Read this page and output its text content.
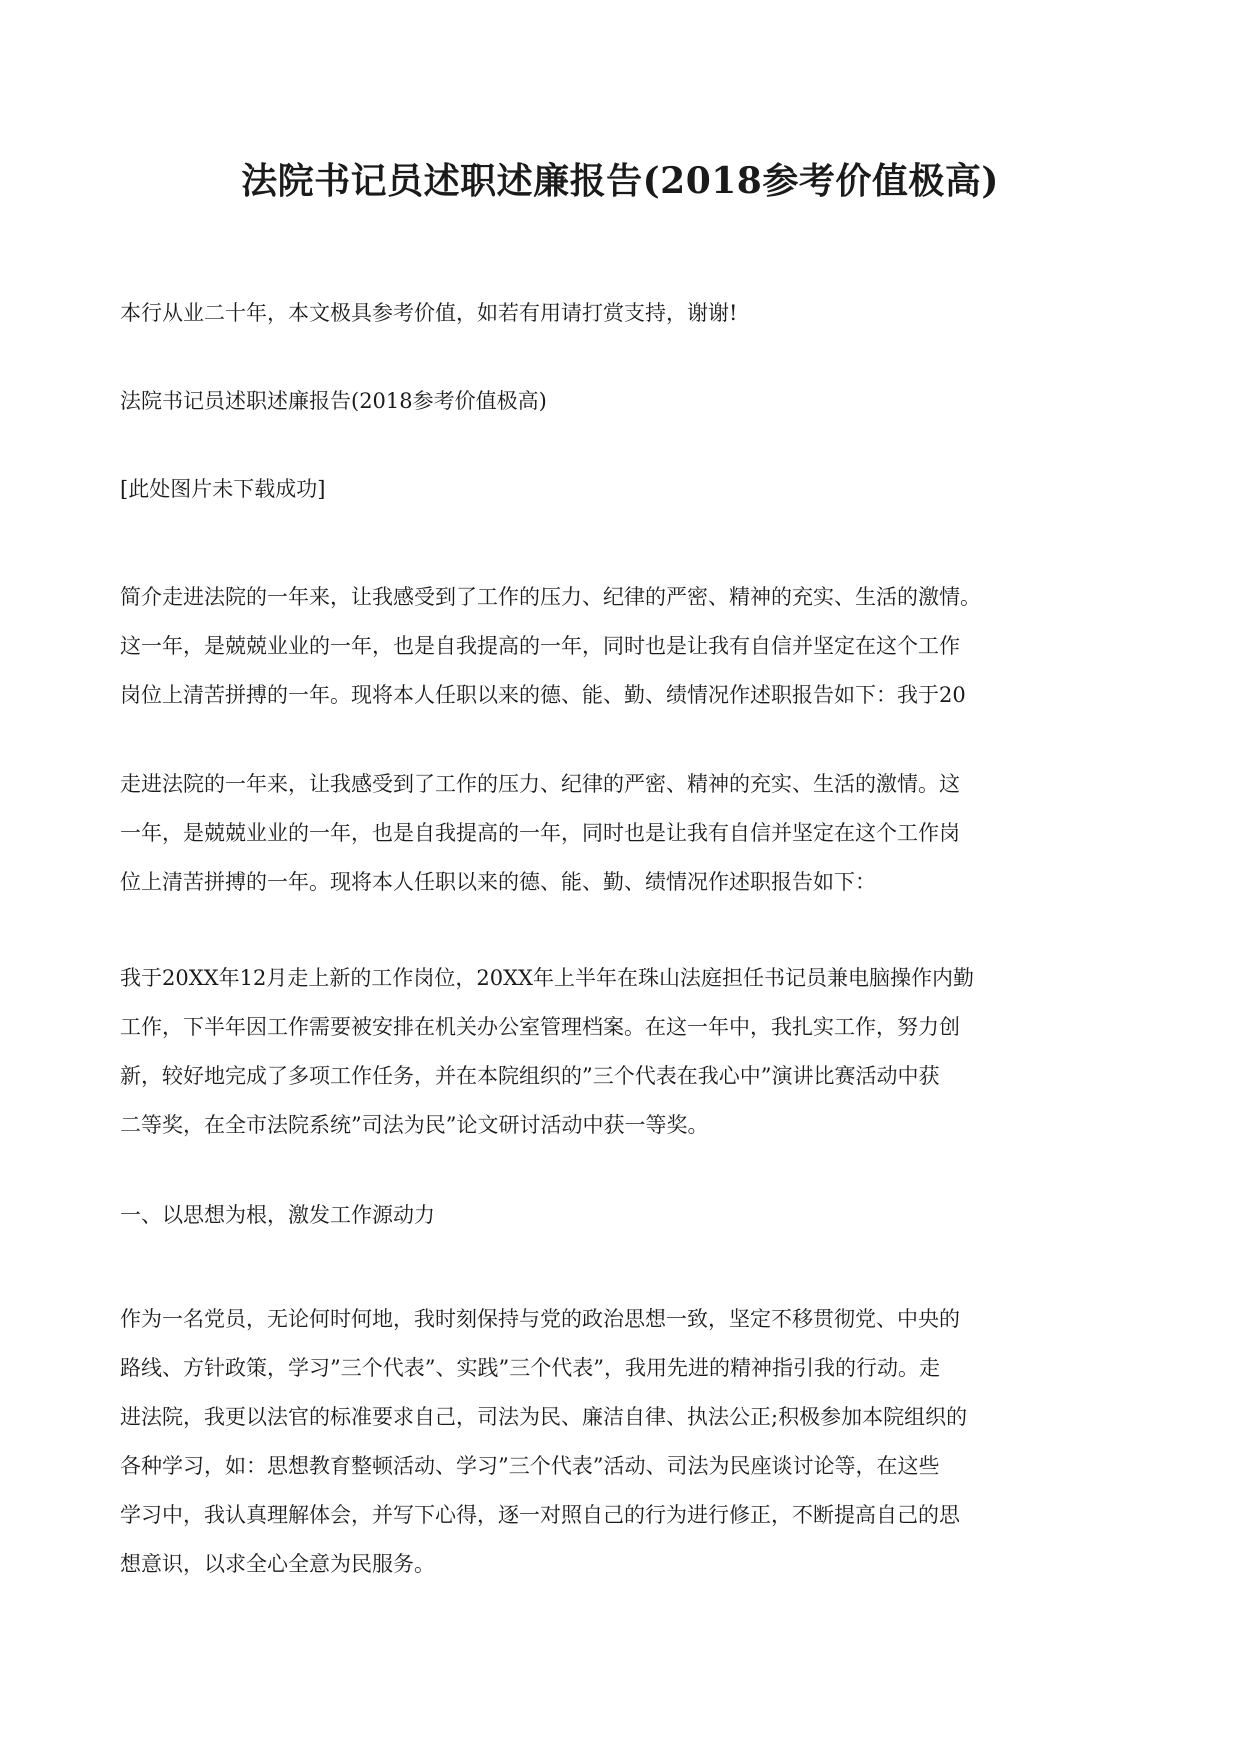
法院书记员述职述廉报告(2018参考价值极高)

本行从业二十年，本文极具参考价值，如若有用请打赏支持，谢谢!

法院书记员述职述廉报告(2018参考价值极高)

[此处图片未下载成功]

简介走进法院的一年来，让我感受到了工作的压力、纪律的严密、精神的充实、生活的激情。
这一年，是兢兢业业的一年，也是自我提高的一年，同时也是让我有自信并坚定在这个工作
岗位上清苦拼搏的一年。现将本人任职以来的德、能、勤、绩情况作述职报告如下：我于20

走进法院的一年来，让我感受到了工作的压力、纪律的严密、精神的充实、生活的激情。这
一年，是兢兢业业的一年，也是自我提高的一年，同时也是让我有自信并坚定在这个工作岗
位上清苦拼搏的一年。现将本人任职以来的德、能、勤、绩情况作述职报告如下：

我于20XX年12月走上新的工作岗位，20XX年上半年在珠山法庭担任书记员兼电脑操作内勤
工作，下半年因工作需要被安排在机关办公室管理档案。在这一年中，我扎实工作，努力创
新，较好地完成了多项工作任务，并在本院组织的”三个代表在我心中”演讲比赛活动中获
二等奖，在全市法院系统”司法为民”论文研讨活动中获一等奖。

一、以思想为根，激发工作源动力

作为一名党员，无论何时何地，我时刻保持与党的政治思想一致，坚定不移贯彻党、中央的
路线、方针政策，学习”三个代表”、实践”三个代表”，我用先进的精神指引我的行动。走
进法院，我更以法官的标准要求自己，司法为民、廉洁自律、执法公正;积极参加本院组织的
各种学习，如：思想教育整顿活动、学习”三个代表”活动、司法为民座谈讨论等，在这些
学习中，我认真理解体会，并写下心得，逐一对照自己的行为进行修正，不断提高自己的思
想意识，以求全心全意为民服务。
